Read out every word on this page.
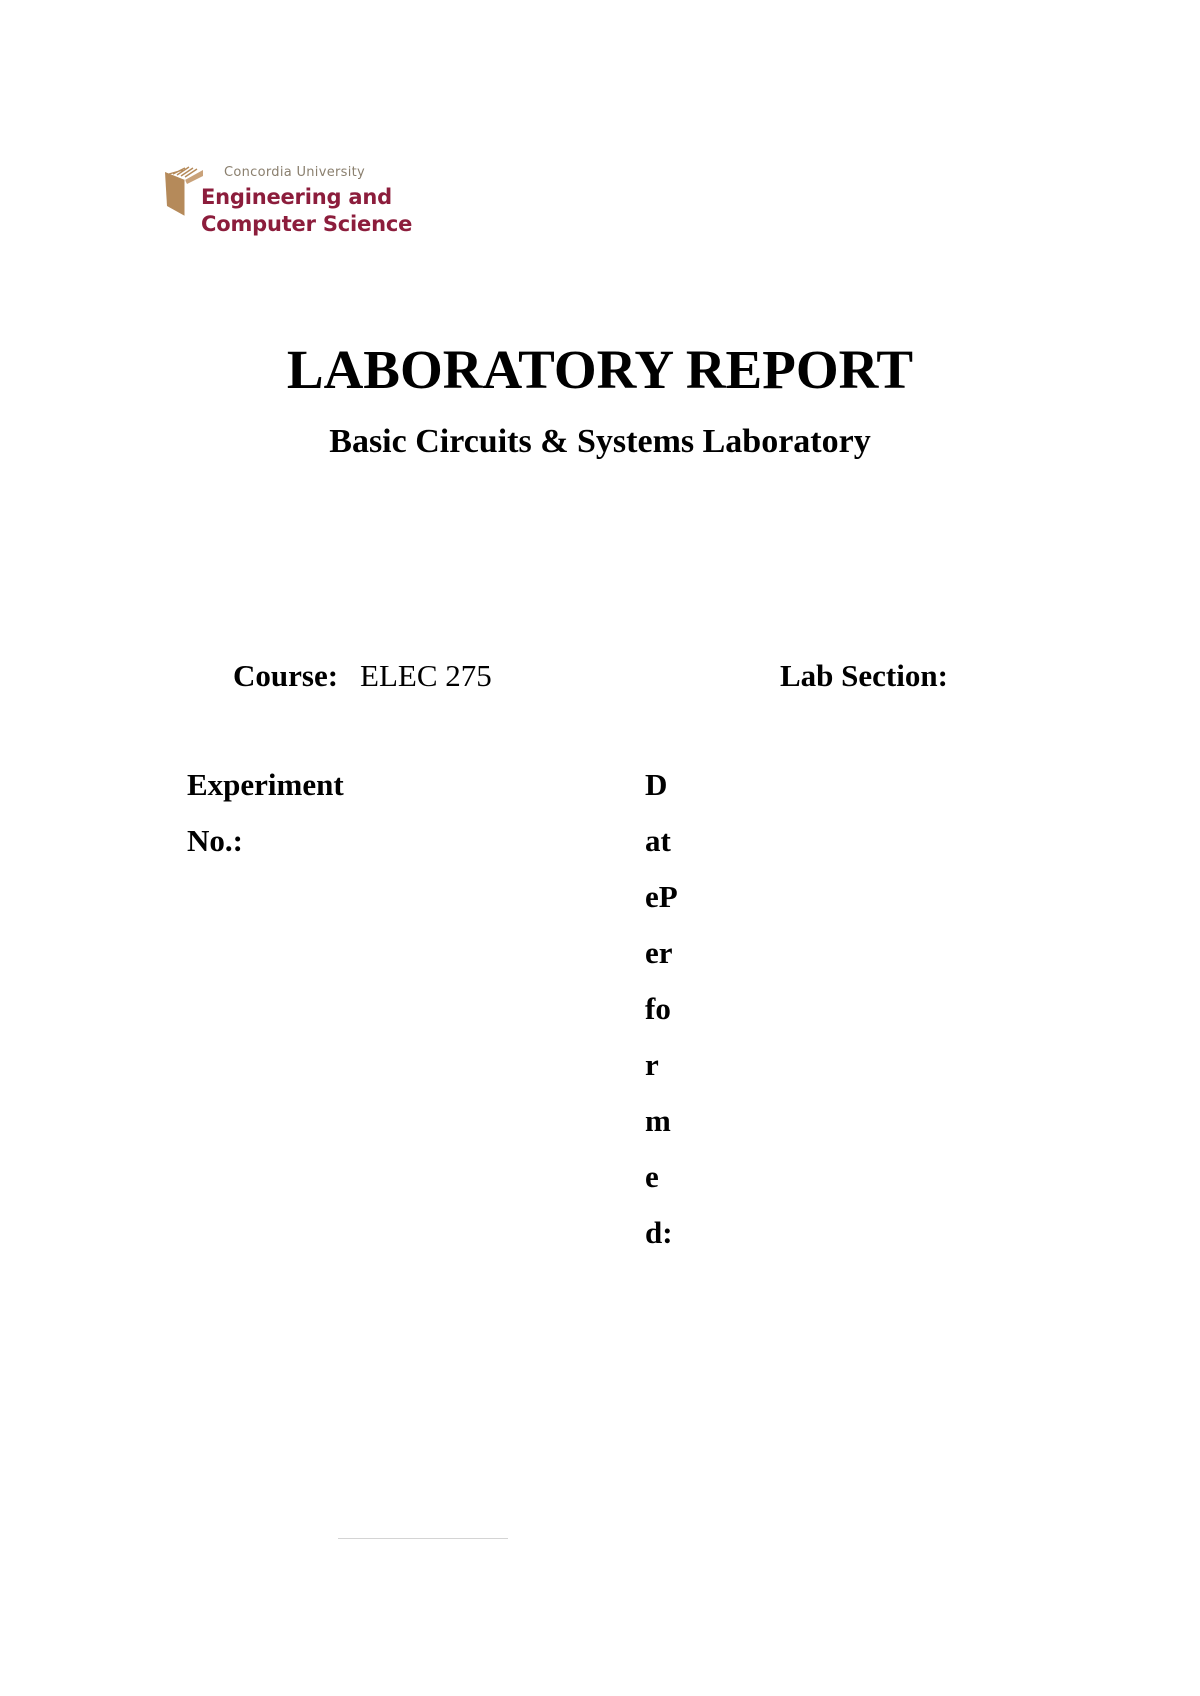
Concordia University
Engineering and
Computer Science
LABORATORY REPORT
Basic Circuits & Systems Laboratory
Course: ELEC 275	Lab Section:
Experiment No.:
DatePerformed:
